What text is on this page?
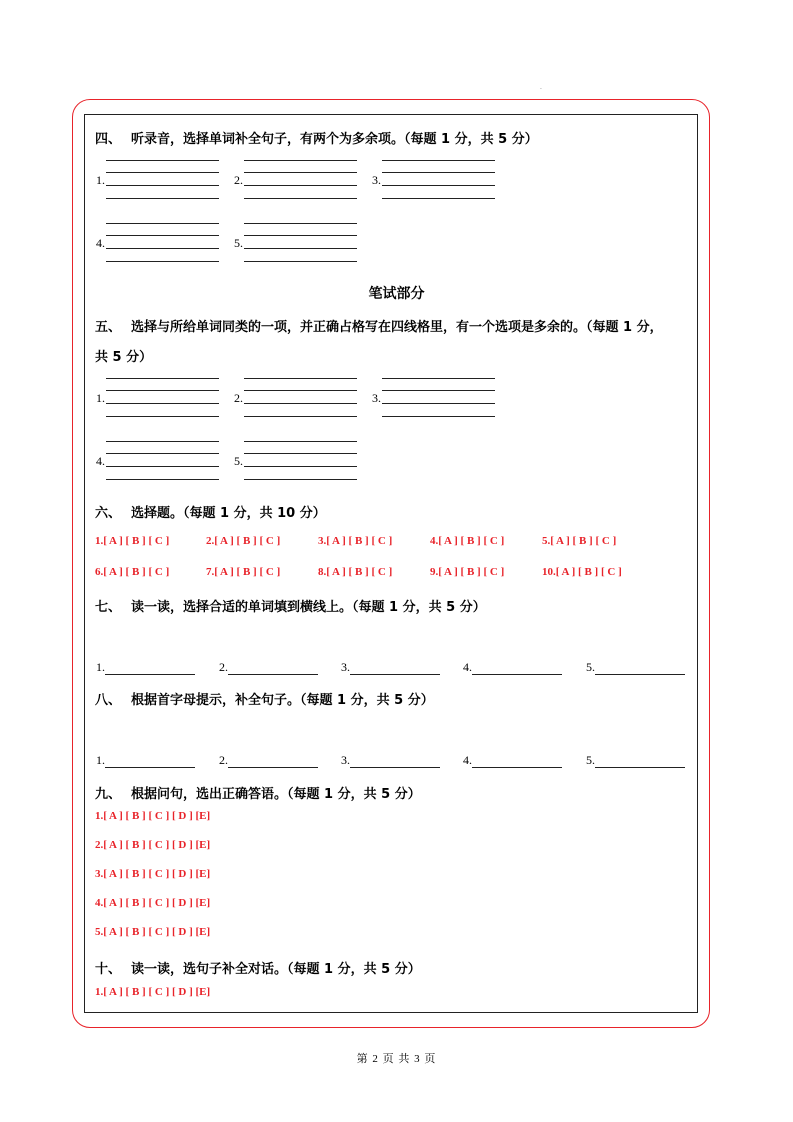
.
四、 听录音，选择单词补全句子，有两个为多余项。（每题 1 分，共 5 分）
1.	2.	3.
4.	5.
笔试部分
五、 选择与所给单词同类的一项，并正确占格写在四线格里，有一个选项是多余的。（每题 1 分，
共 5 分）
1.	2.	3.
4.	5.
六、 选择题。（每题 1 分，共 10 分）
1.[ A ] [ B ] [ C ]	2.[ A ] [ B ] [ C ]	3.[ A ] [ B ] [ C ]	4.[ A ] [ B ] [ C ]	5.[ A ] [ B ] [ C ]
6.[ A ] [ B ] [ C ]	7.[ A ] [ B ] [ C ]	8.[ A ] [ B ] [ C ]	9.[ A ] [ B ] [ C ]	10.[ A ] [ B ] [ C ]
七、 读一读，选择合适的单词填到横线上。（每题 1 分，共 5 分）
1.	2.	3.	4.	5.
八、 根据首字母提示，补全句子。（每题 1 分，共 5 分）
1.	2.	3.	4.	5.
九、 根据问句，选出正确答语。（每题 1 分，共 5 分）
1.[ A ] [ B ] [ C ] [ D ] [E]
2.[ A ] [ B ] [ C ] [ D ] [E]
3.[ A ] [ B ] [ C ] [ D ] [E]
4.[ A ] [ B ] [ C ] [ D ] [E]
5.[ A ] [ B ] [ C ] [ D ] [E]
十、 读一读，选句子补全对话。（每题 1 分，共 5 分）
1.[ A ] [ B ] [ C ] [ D ] [E]
第 2 页 共 3 页
